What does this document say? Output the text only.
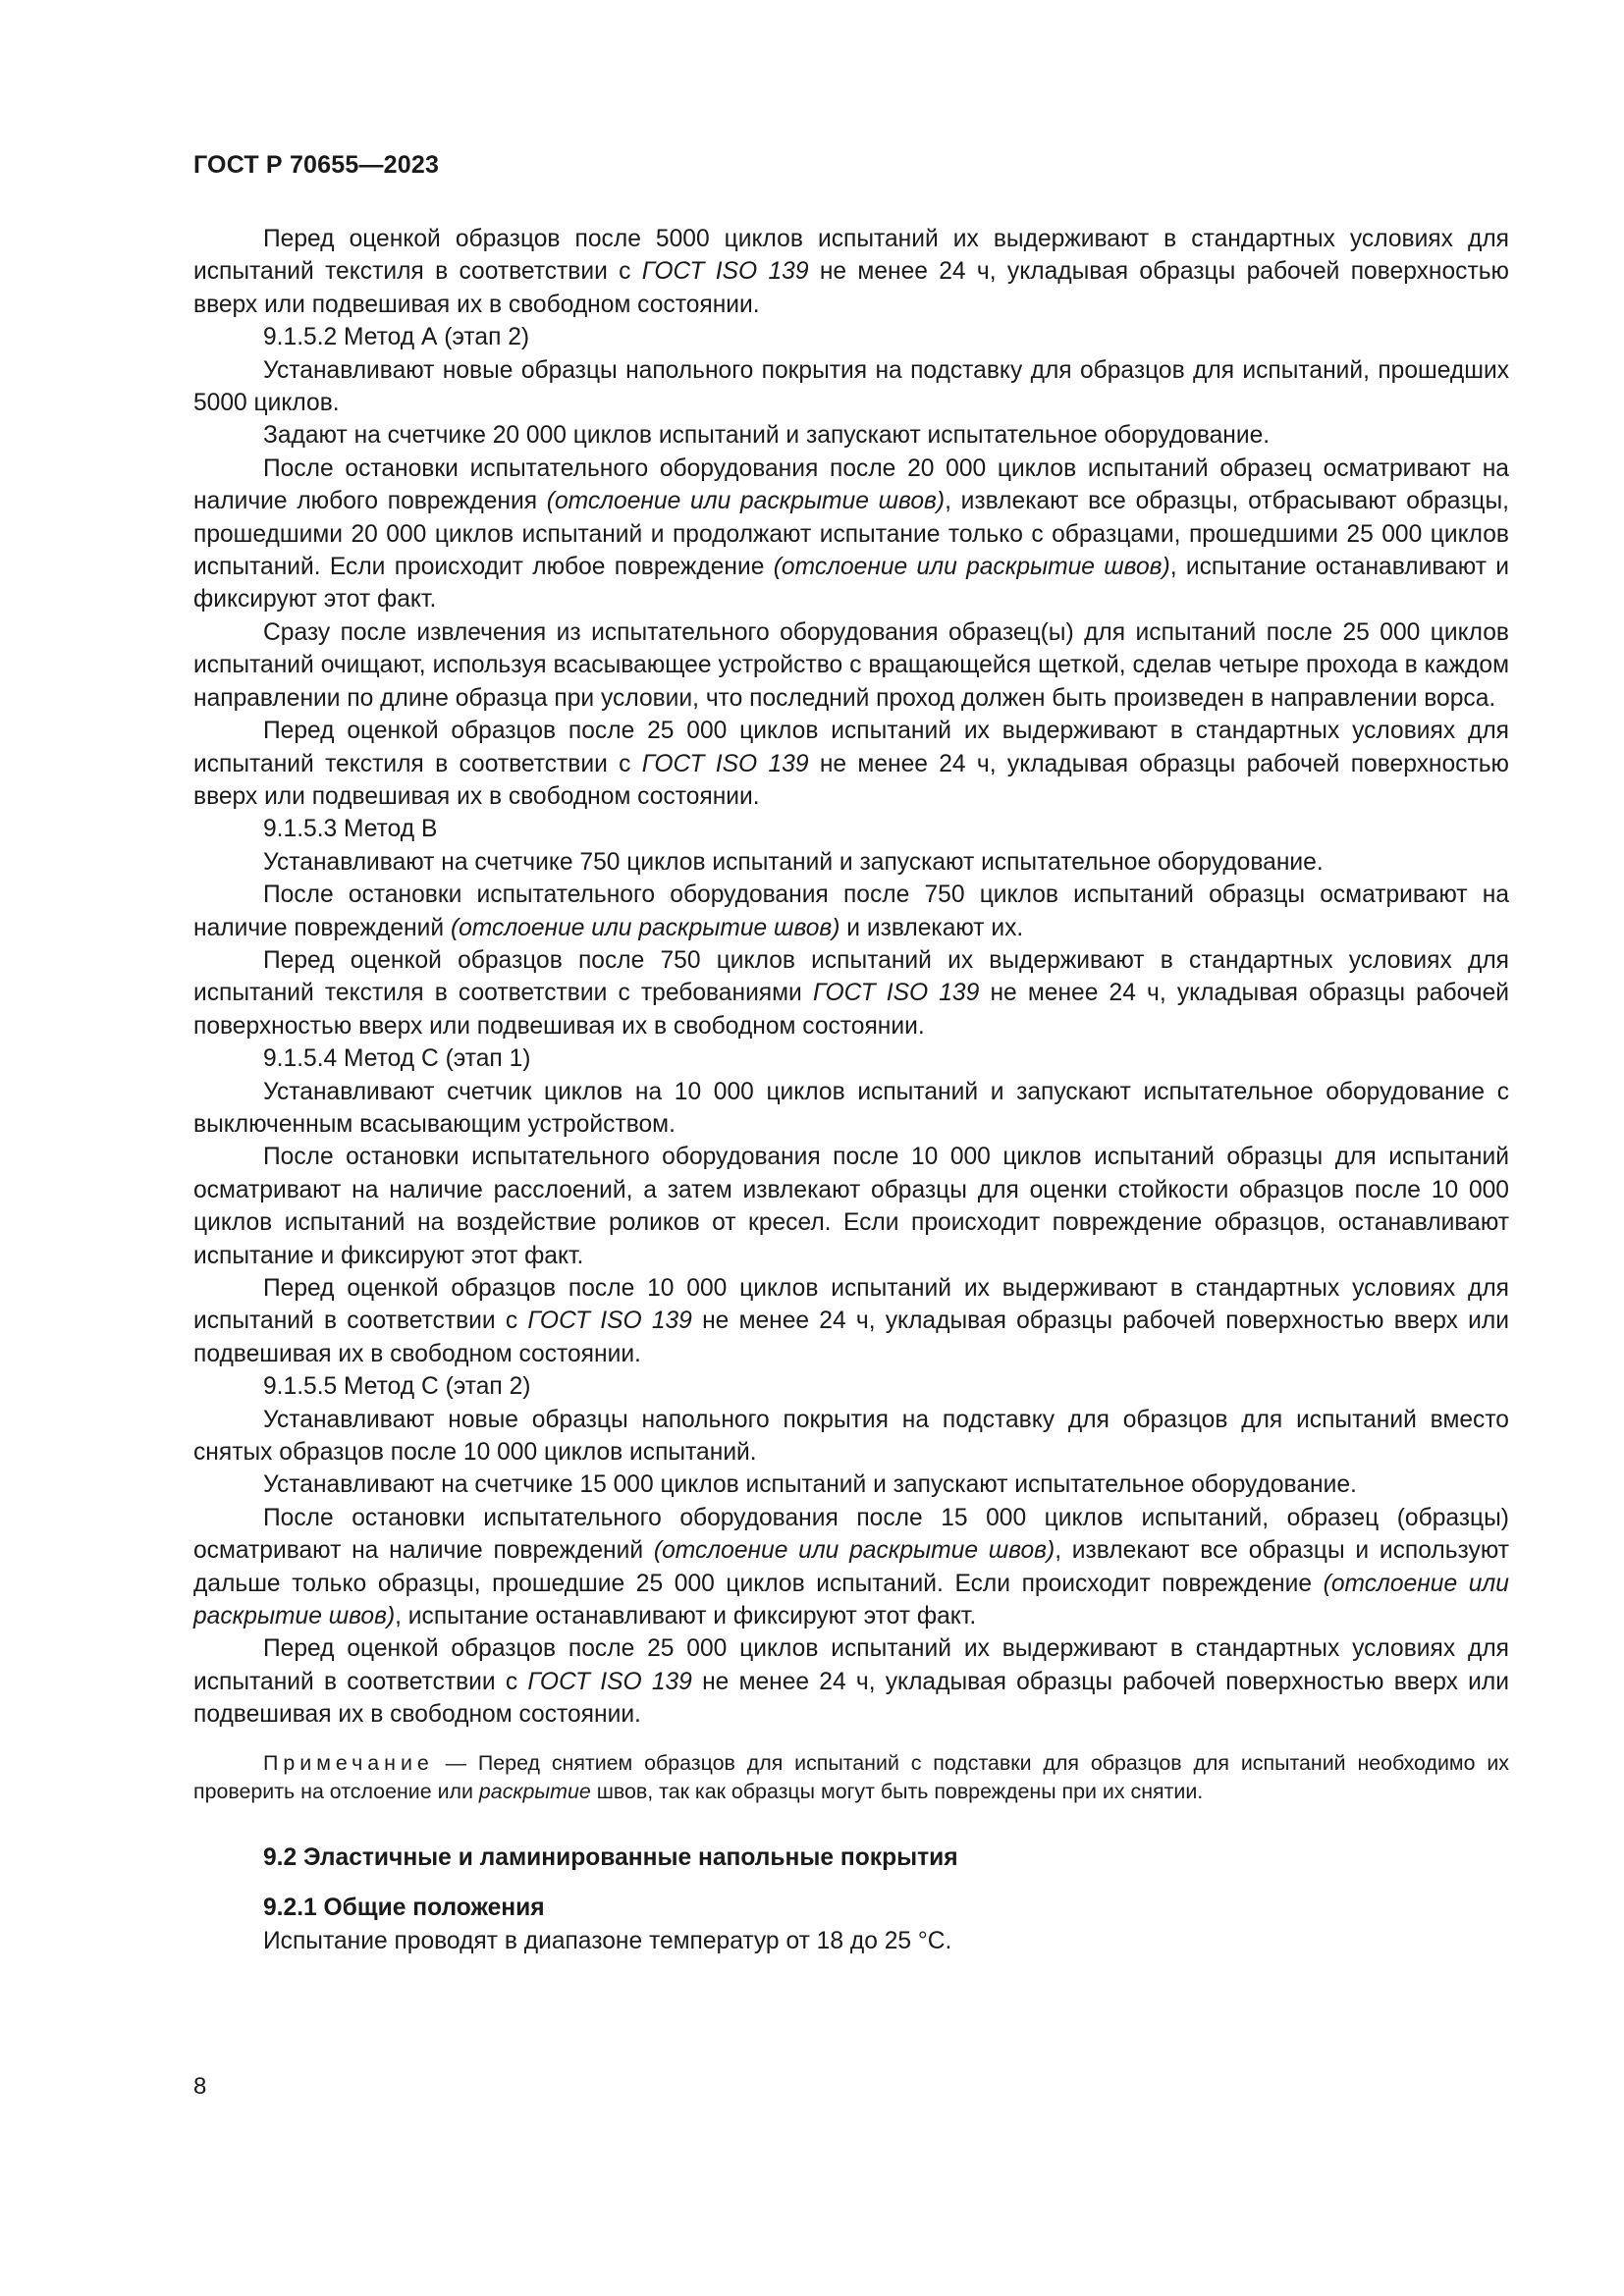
ГОСТ Р 70655—2023

Перед оценкой образцов после 5000 циклов испытаний их выдерживают в стандартных условиях для испытаний текстиля в соответствии с ГОСТ ISO 139 не менее 24 ч, укладывая образцы рабочей поверхностью вверх или подвешивая их в свободном состоянии.

9.1.5.2 Метод А (этап 2)

Устанавливают новые образцы напольного покрытия на подставку для образцов для испытаний, прошедших 5000 циклов.

Задают на счетчике 20 000 циклов испытаний и запускают испытательное оборудование.

После остановки испытательного оборудования после 20 000 циклов испытаний образец осматривают на наличие любого повреждения (отслоение или раскрытие швов), извлекают все образцы, отбрасывают образцы, прошедшими 20 000 циклов испытаний и продолжают испытание только с образцами, прошедшими 25 000 циклов испытаний. Если происходит любое повреждение (отслоение или раскрытие швов), испытание останавливают и фиксируют этот факт.

Сразу после извлечения из испытательного оборудования образец(ы) для испытаний после 25 000 циклов испытаний очищают, используя всасывающее устройство с вращающейся щеткой, сделав четыре прохода в каждом направлении по длине образца при условии, что последний проход должен быть произведен в направлении ворса.

Перед оценкой образцов после 25 000 циклов испытаний их выдерживают в стандартных условиях для испытаний текстиля в соответствии с ГОСТ ISO 139 не менее 24 ч, укладывая образцы рабочей поверхностью вверх или подвешивая их в свободном состоянии.

9.1.5.3 Метод В

Устанавливают на счетчике 750 циклов испытаний и запускают испытательное оборудование.

После остановки испытательного оборудования после 750 циклов испытаний образцы осматривают на наличие повреждений (отслоение или раскрытие швов) и извлекают их.

Перед оценкой образцов после 750 циклов испытаний их выдерживают в стандартных условиях для испытаний текстиля в соответствии с требованиями ГОСТ ISO 139 не менее 24 ч, укладывая образцы рабочей поверхностью вверх или подвешивая их в свободном состоянии.

9.1.5.4 Метод С (этап 1)

Устанавливают счетчик циклов на 10 000 циклов испытаний и запускают испытательное оборудование с выключенным всасывающим устройством.

После остановки испытательного оборудования после 10 000 циклов испытаний образцы для испытаний осматривают на наличие расслоений, а затем извлекают образцы для оценки стойкости образцов после 10 000 циклов испытаний на воздействие роликов от кресел. Если происходит повреждение образцов, останавливают испытание и фиксируют этот факт.

Перед оценкой образцов после 10 000 циклов испытаний их выдерживают в стандартных условиях для испытаний в соответствии с ГОСТ ISO 139 не менее 24 ч, укладывая образцы рабочей поверхностью вверх или подвешивая их в свободном состоянии.

9.1.5.5 Метод С (этап 2)

Устанавливают новые образцы напольного покрытия на подставку для образцов для испытаний вместо снятых образцов после 10 000 циклов испытаний.

Устанавливают на счетчике 15 000 циклов испытаний и запускают испытательное оборудование.

После остановки испытательного оборудования после 15 000 циклов испытаний, образец (образцы) осматривают на наличие повреждений (отслоение или раскрытие швов), извлекают все образцы и используют дальше только образцы, прошедшие 25 000 циклов испытаний. Если происходит повреждение (отслоение или раскрытие швов), испытание останавливают и фиксируют этот факт.

Перед оценкой образцов после 25 000 циклов испытаний их выдерживают в стандартных условиях для испытаний в соответствии с ГОСТ ISO 139 не менее 24 ч, укладывая образцы рабочей поверхностью вверх или подвешивая их в свободном состоянии.

Примечание — Перед снятием образцов для испытаний с подставки для образцов для испытаний необходимо их проверить на отслоение или раскрытие швов, так как образцы могут быть повреждены при их снятии.

9.2 Эластичные и ламинированные напольные покрытия

9.2.1 Общие положения

Испытание проводят в диапазоне температур от 18 до 25 °С.

8
